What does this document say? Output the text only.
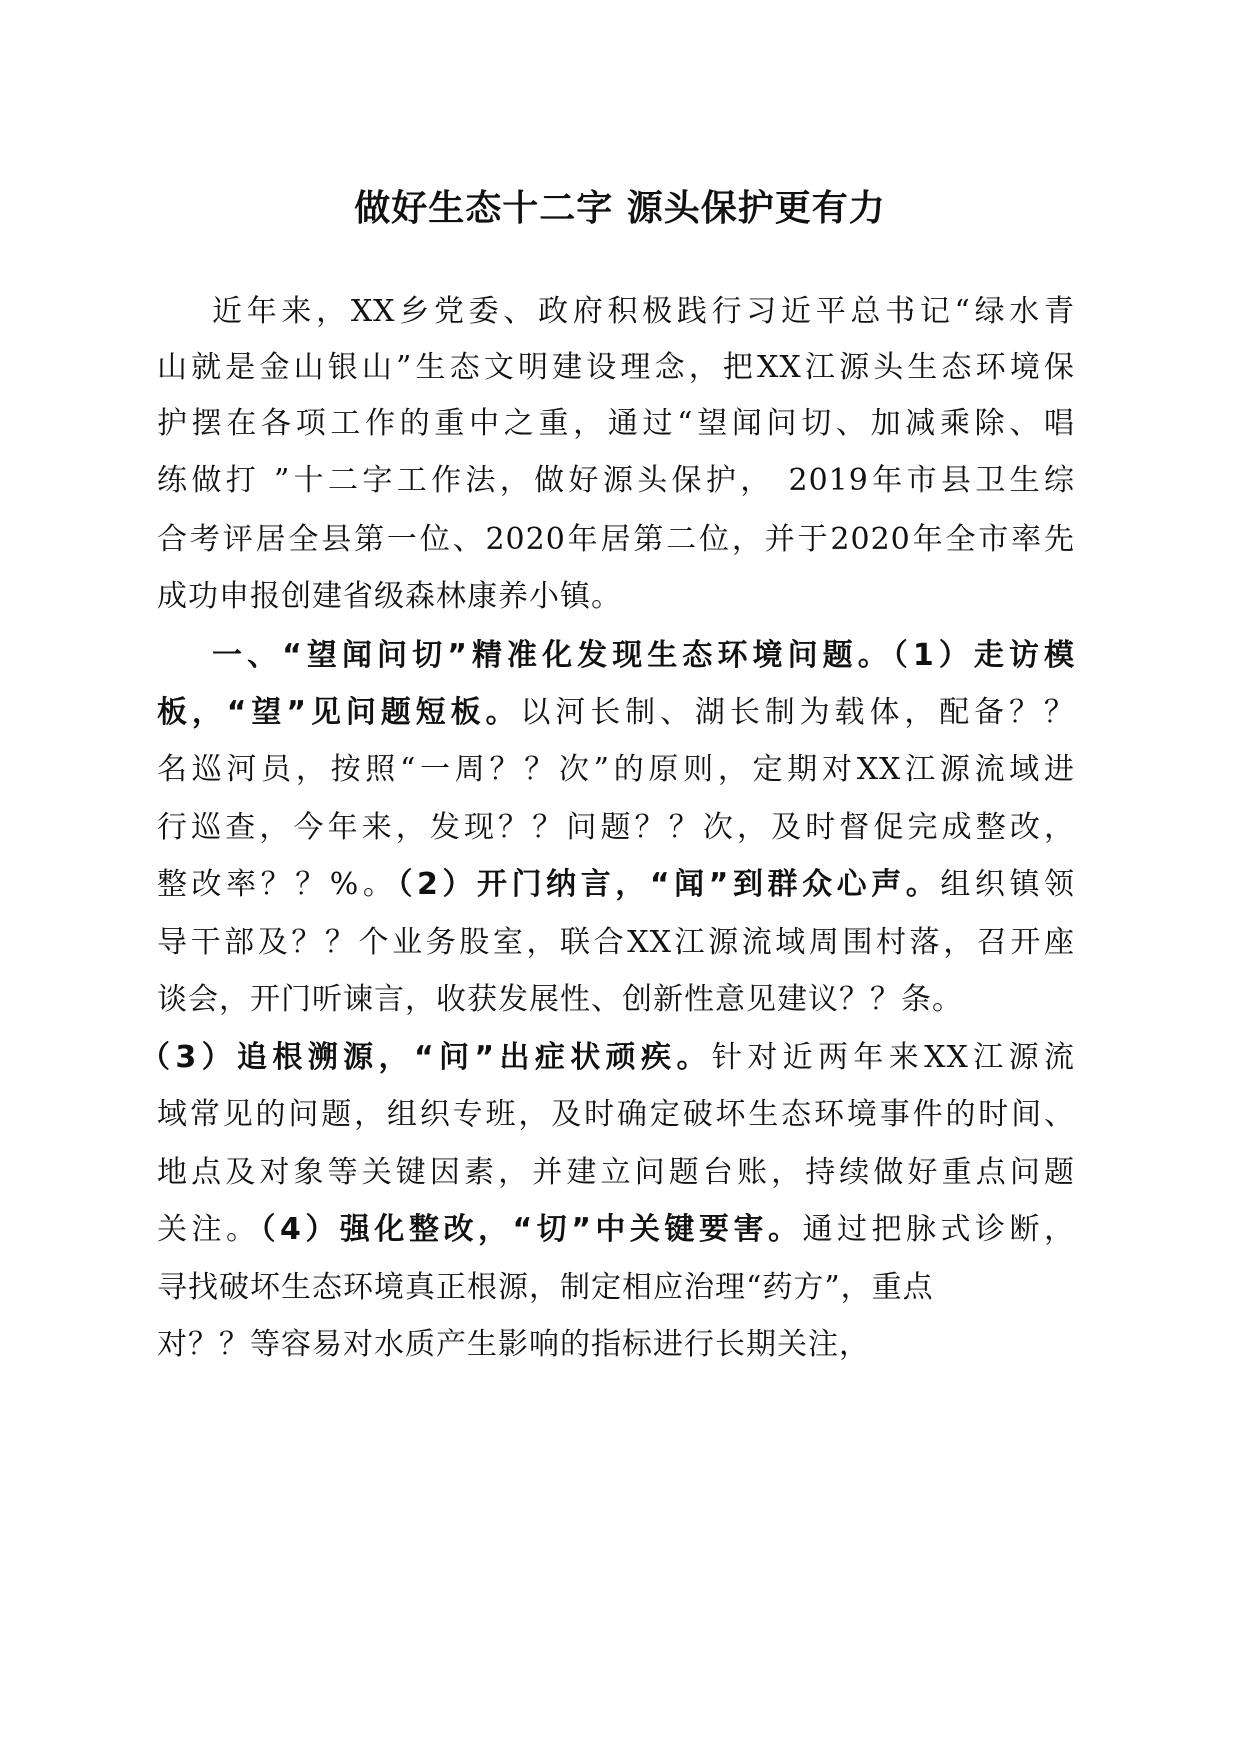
做好生态十二字 源头保护更有力
近年来，XX乡党委、政府积极践行习近平总书记“绿水青
山就是金山银山”生态文明建设理念，把XX江源头生态环境保
护摆在各项工作的重中之重，通过“望闻问切、加减乘除、唱
练做打 ”十二字工作法，做好源头保护， 2019年市县卫生综
合考评居全县第一位、2020年居第二位，并于2020年全市率先
成功申报创建省级森林康养小镇。
一、“望闻问切”精准化发现生态环境问题。（1）走访模
板，“望”见问题短板。以河长制、湖长制为载体，配备？？
名巡河员，按照“一周？？次”的原则，定期对XX江源流域进
行巡查，今年来，发现？？问题？？次，及时督促完成整改，
整改率？？%。（2）开门纳言，“闻”到群众心声。组织镇领
导干部及？？个业务股室，联合XX江源流域周围村落，召开座
谈会，开门听谏言，收获发展性、创新性意见建议？？条。
（3）追根溯源，“问”出症状顽疾。针对近两年来XX江源流
域常见的问题，组织专班，及时确定破坏生态环境事件的时间、
地点及对象等关键因素，并建立问题台账，持续做好重点问题
关注。（4）强化整改，“切”中关键要害。通过把脉式诊断，
寻找破坏生态环境真正根源，制定相应治理“药方”，重点
对？？等容易对水质产生影响的指标进行长期关注，
